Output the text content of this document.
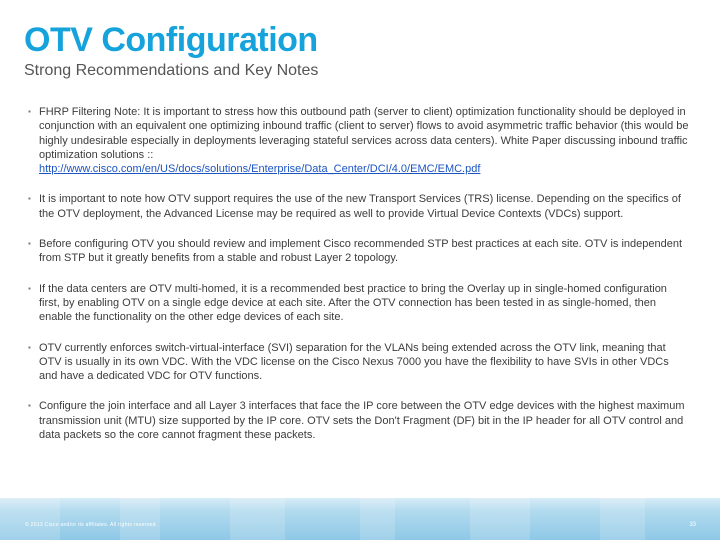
OTV Configuration
Strong Recommendations and Key Notes
▪ FHRP Filtering Note: It is important to stress how this outbound path (server to client) optimization functionality should be deployed in conjunction with an equivalent one optimizing inbound traffic (client to server) flows to avoid asymmetric traffic behavior (this would be highly undesirable especially in deployments leveraging stateful services across data centers). White Paper discussing inbound traffic optimization solutions ::
http://www.cisco.com/en/US/docs/solutions/Enterprise/Data_Center/DCI/4.0/EMC/EMC.pdf
▪ It is important to note how OTV support requires the use of the new Transport Services (TRS) license. Depending on the specifics of the OTV deployment, the Advanced License may be required as well to provide Virtual Device Contexts (VDCs) support.
▪ Before configuring OTV you should review and implement Cisco recommended STP best practices at each site. OTV is independent from STP but it greatly benefits from a stable and robust Layer 2 topology.
▪ If the data centers are OTV multi-homed, it is a recommended best practice to bring the Overlay up in single-homed configuration first, by enabling OTV on a single edge device at each site. After the OTV connection has been tested in as single-homed, then enable the functionality on the other edge devices of each site.
▪ OTV currently enforces switch-virtual-interface (SVI) separation for the VLANs being extended across the OTV link, meaning that OTV is usually in its own VDC. With the VDC license on the Cisco Nexus 7000 you have the flexibility to have SVIs in other VDCs and have a dedicated VDC for OTV functions.
▪ Configure the join interface and all Layer 3 interfaces that face the IP core between the OTV edge devices with the highest maximum transmission unit (MTU) size supported by the IP core. OTV sets the Don't Fragment (DF) bit in the IP header for all OTV control and data packets so the core cannot fragment these packets.
© 2013 Cisco and/or its affiliates. All rights reserved.	33
